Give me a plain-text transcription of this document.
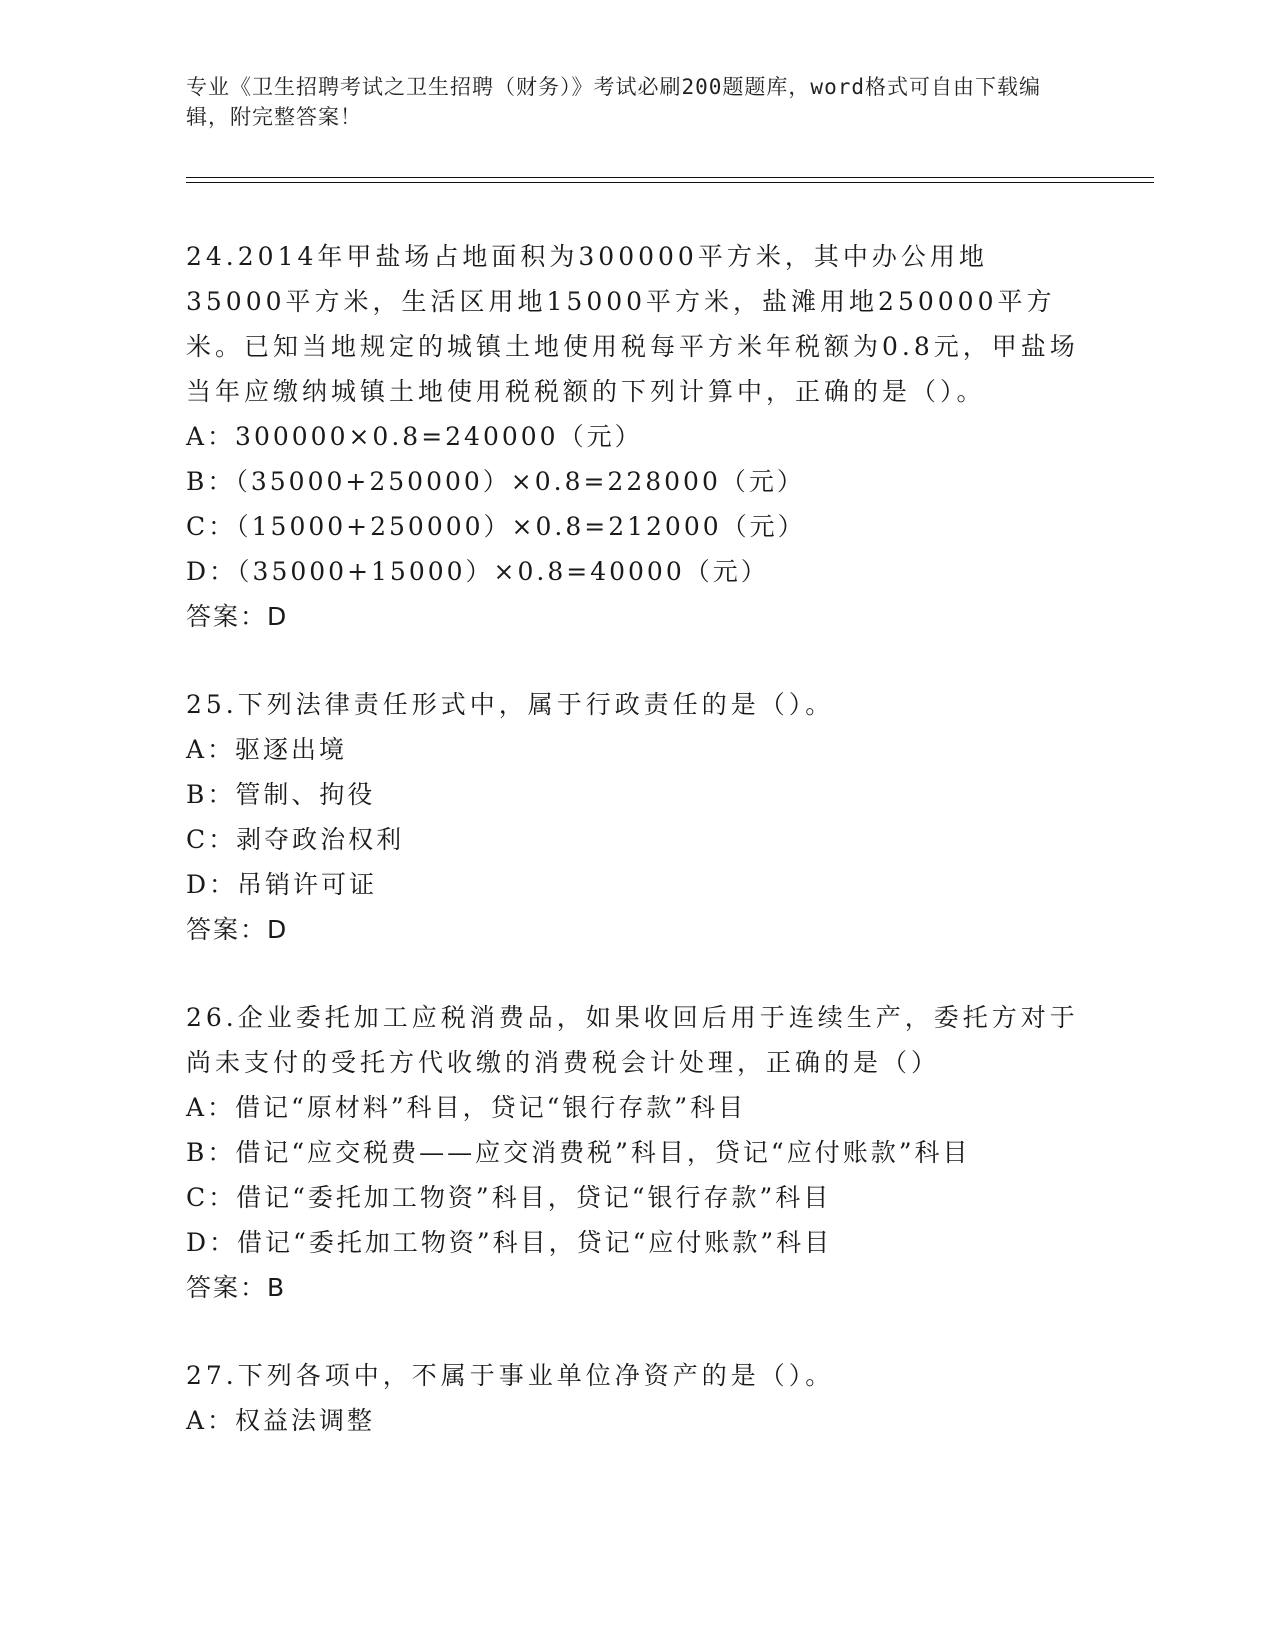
专业《卫生招聘考试之卫生招聘（财务）》考试必刷200题题库，word格式可自由下载编辑，附完整答案！

24.2014年甲盐场占地面积为300000平方米，其中办公用地35000平方米，生活区用地15000平方米，盐滩用地250000平方米。已知当地规定的城镇土地使用税每平方米年税额为0.8元，甲盐场当年应缴纳城镇土地使用税税额的下列计算中，正确的是（）。

A：300000×0.8=240000（元）

B：（35000+250000）×0.8=228000（元）

C：（15000+250000）×0.8=212000（元）

D：（35000+15000）×0.8=40000（元）

答案：D

25.下列法律责任形式中，属于行政责任的是（）。

A：驱逐出境

B：管制、拘役

C：剥夺政治权利

D：吊销许可证

答案：D

26.企业委托加工应税消费品，如果收回后用于连续生产，委托方对于尚未支付的受托方代收缴的消费税会计处理，正确的是（）

A：借记“原材料”科目，贷记“银行存款”科目

B：借记“应交税费——应交消费税”科目，贷记“应付账款”科目

C：借记“委托加工物资”科目，贷记“银行存款”科目

D：借记“委托加工物资”科目，贷记“应付账款”科目

答案：B

27.下列各项中，不属于事业单位净资产的是（）。

A：权益法调整
